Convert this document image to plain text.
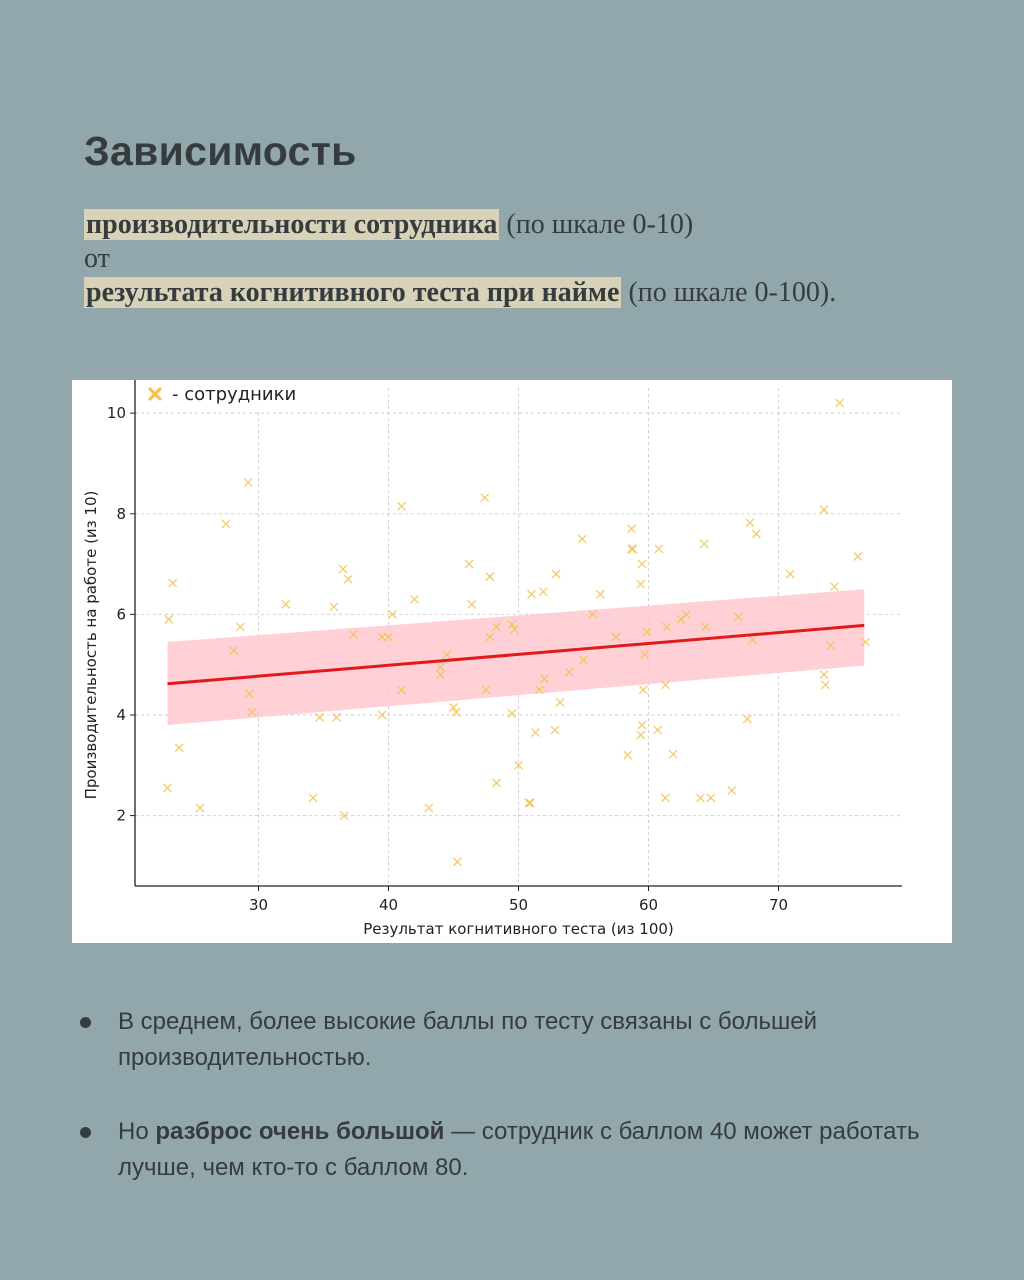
Зависимость
производительности сотрудника (по шкале 0-10)
от
результата когнитивного теста при найме (по шкале 0-100).
30	40	50	60	70
2
4
6
8
10
Результат когнитивного теста (из 100)
Производительность на работе (из 10)
- сотрудники
В среднем, более высокие баллы по тесту связаны с большей производительностью.
Но разброс очень большой — сотрудник с баллом 40 может работать лучше, чем кто-то с баллом 80.
